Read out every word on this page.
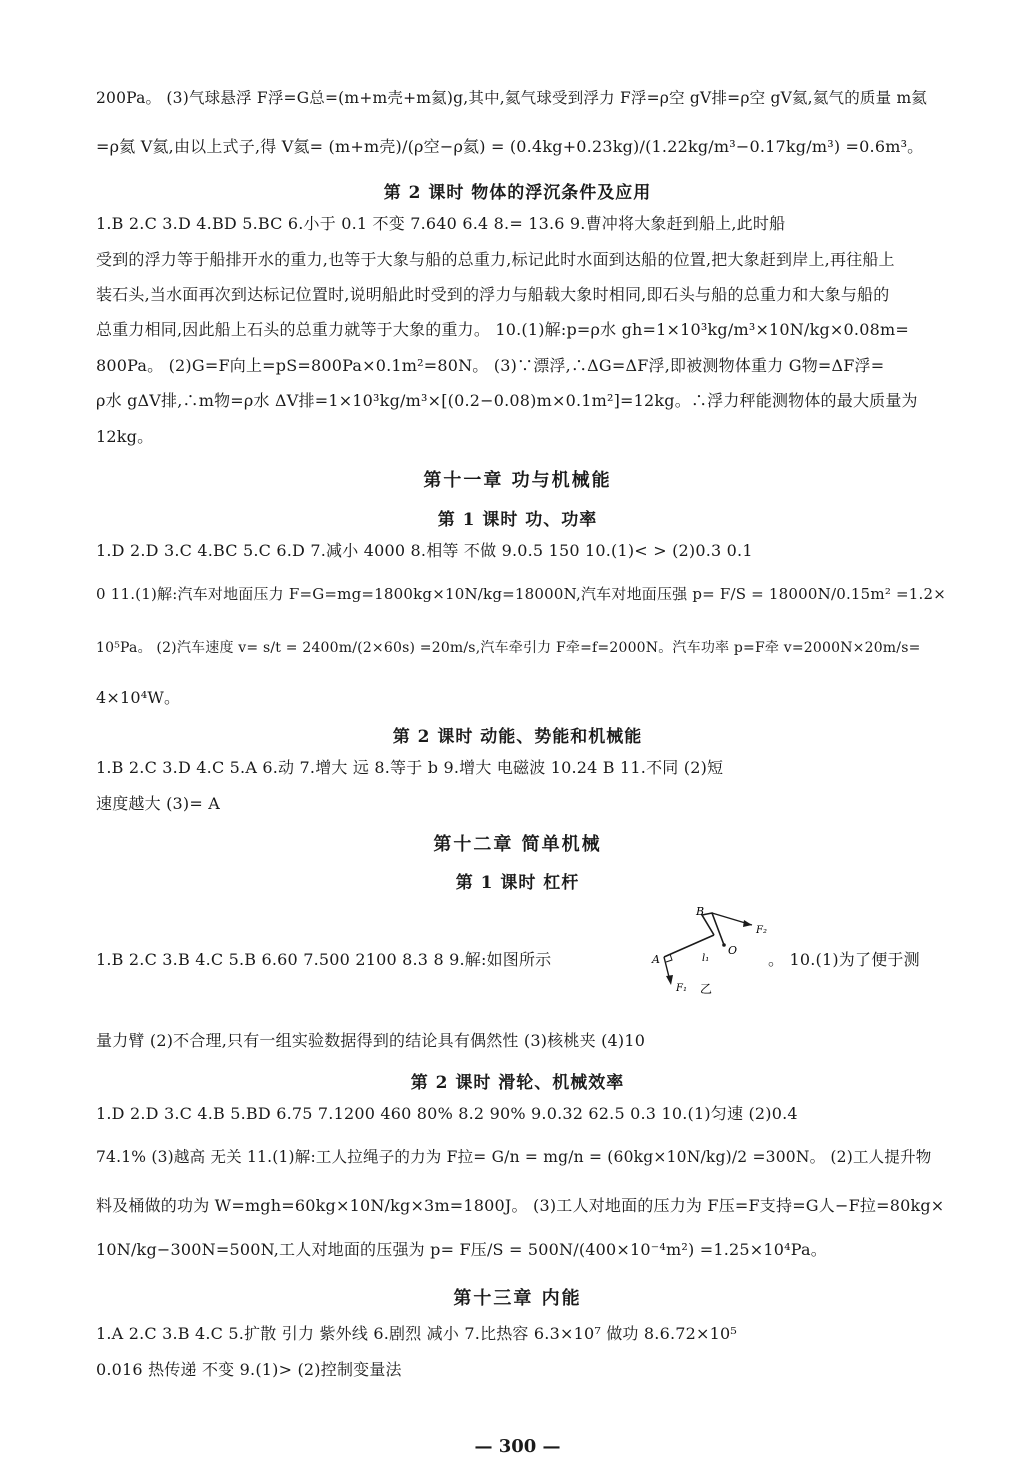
200Pa。 (3)气球悬浮 F浮=G总=(m+m壳+m氦)g,其中,氦气球受到浮力 F浮=ρ空 gV排=ρ空 gV氦,氦气的质量 m氦
=ρ氦 V氦,由以上式子,得 V氦= (m+m壳)/(ρ空−ρ氦) = (0.4kg+0.23kg)/(1.22kg/m³−0.17kg/m³) =0.6m³。
第 2 课时 物体的浮沉条件及应用
1.B 2.C 3.D 4.BD 5.BC 6.小于 0.1 不变 7.640 6.4 8.= 13.6 9.曹冲将大象赶到船上,此时船
受到的浮力等于船排开水的重力,也等于大象与船的总重力,标记此时水面到达船的位置,把大象赶到岸上,再往船上
装石头,当水面再次到达标记位置时,说明船此时受到的浮力与船载大象时相同,即石头与船的总重力和大象与船的
总重力相同,因此船上石头的总重力就等于大象的重力。 10.(1)解:p=ρ水 gh=1×10³kg/m³×10N/kg×0.08m=
800Pa。 (2)G=F向上=pS=800Pa×0.1m²=80N。 (3)∵漂浮,∴ΔG=ΔF浮,即被测物体重力 G物=ΔF浮=
ρ水 gΔV排,∴m物=ρ水 ΔV排=1×10³kg/m³×[(0.2−0.08)m×0.1m²]=12kg。∴浮力秤能测物体的最大质量为
12kg。
第十一章 功与机械能
第 1 课时 功、功率
1.D 2.D 3.C 4.BC 5.C 6.D 7.减小 4000 8.相等 不做 9.0.5 150 10.(1)< > (2)0.3 0.1
0 11.(1)解:汽车对地面压力 F=G=mg=1800kg×10N/kg=18000N,汽车对地面压强 p= F/S = 18000N/0.15m² =1.2×
10⁵Pa。 (2)汽车速度 v= s/t = 2400m/(2×60s) =20m/s,汽车牵引力 F牵=f=2000N。汽车功率 p=F牵 v=2000N×20m/s=
4×10⁴W。
第 2 课时 动能、势能和机械能
1.B 2.C 3.D 4.C 5.A 6.动 7.增大 远 8.等于 b 9.增大 电磁波 10.24 B 11.不同 (2)短
速度越大 (3)= A
第十二章 简单机械
第 1 课时 杠杆
1.B 2.C 3.B 4.C 5.B 6.60 7.500 2100 8.3 8 9.解:如图所示
B
F₂
O
A	l₁
F₁ 乙
。 10.(1)为了便于测
量力臂 (2)不合理,只有一组实验数据得到的结论具有偶然性 (3)核桃夹 (4)10
第 2 课时 滑轮、机械效率
1.D 2.D 3.C 4.B 5.BD 6.75 7.1200 460 80% 8.2 90% 9.0.32 62.5 0.3 10.(1)匀速 (2)0.4
74.1% (3)越高 无关 11.(1)解:工人拉绳子的力为 F拉= G/n = mg/n = (60kg×10N/kg)/2 =300N。 (2)工人提升物
料及桶做的功为 W=mgh=60kg×10N/kg×3m=1800J。 (3)工人对地面的压力为 F压=F支持=G人−F拉=80kg×
10N/kg−300N=500N,工人对地面的压强为 p= F压/S = 500N/(400×10⁻⁴m²) =1.25×10⁴Pa。
第十三章 内能
1.A 2.C 3.B 4.C 5.扩散 引力 紫外线 6.剧烈 减小 7.比热容 6.3×10⁷ 做功 8.6.72×10⁵
0.016 热传递 不变 9.(1)> (2)控制变量法
— 300 —
